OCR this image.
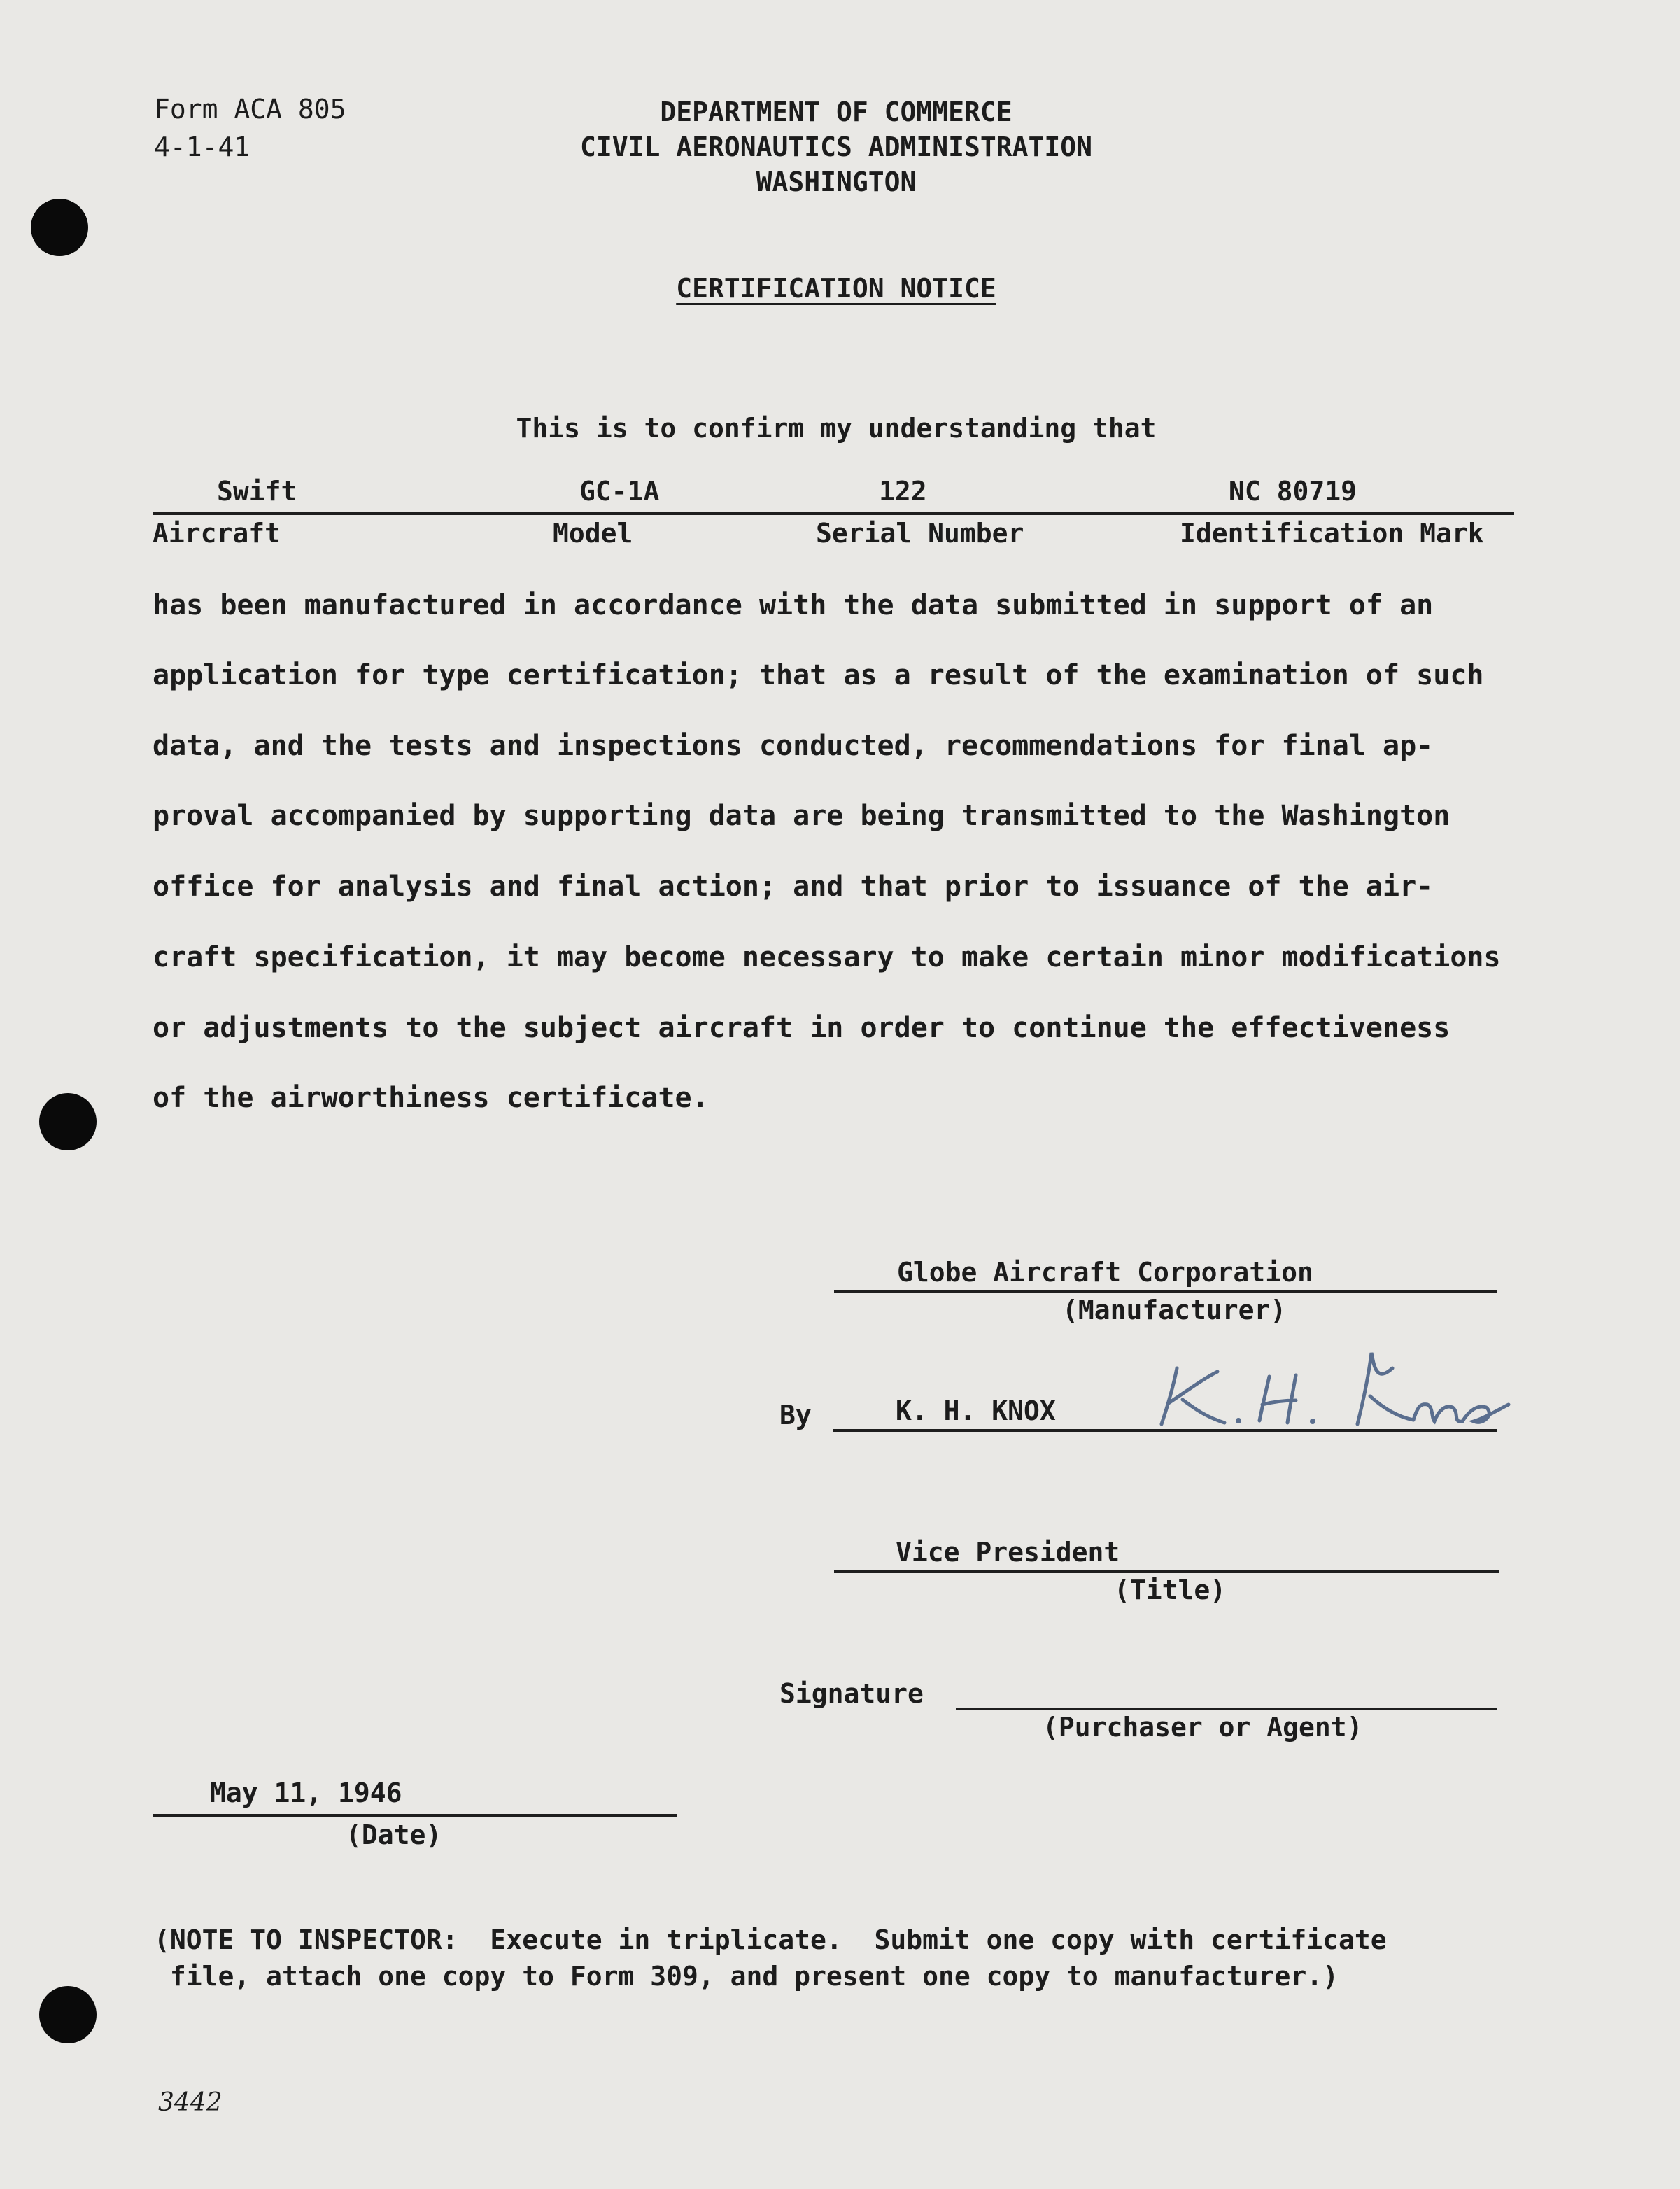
Form ACA 805
4-1-41
DEPARTMENT OF COMMERCE
CIVIL AERONAUTICS ADMINISTRATION
WASHINGTON
CERTIFICATION NOTICE
This is to confirm my understanding that
Swift	GC-1A	122	NC 80719
Aircraft	Model	Serial Number	Identification Mark
has been manufactured in accordance with the data submitted in support of an
application for type certification; that as a result of the examination of such
data, and the tests and inspections conducted, recommendations for final ap-
proval accompanied by supporting data are being transmitted to the Washington
office for analysis and final action; and that prior to issuance of the air-
craft specification, it may become necessary to make certain minor modifications
or adjustments to the subject aircraft in order to continue the effectiveness
of the airworthiness certificate.
Globe Aircraft Corporation
(Manufacturer)
By	K. H. KNOX
K. H. Knox
Vice President
(Title)
Signature
(Purchaser or Agent)
May 11, 1946
(Date)
(NOTE TO INSPECTOR:  Execute in triplicate.  Submit one copy with certificate
file, attach one copy to Form 309, and present one copy to manufacturer.)
3442
